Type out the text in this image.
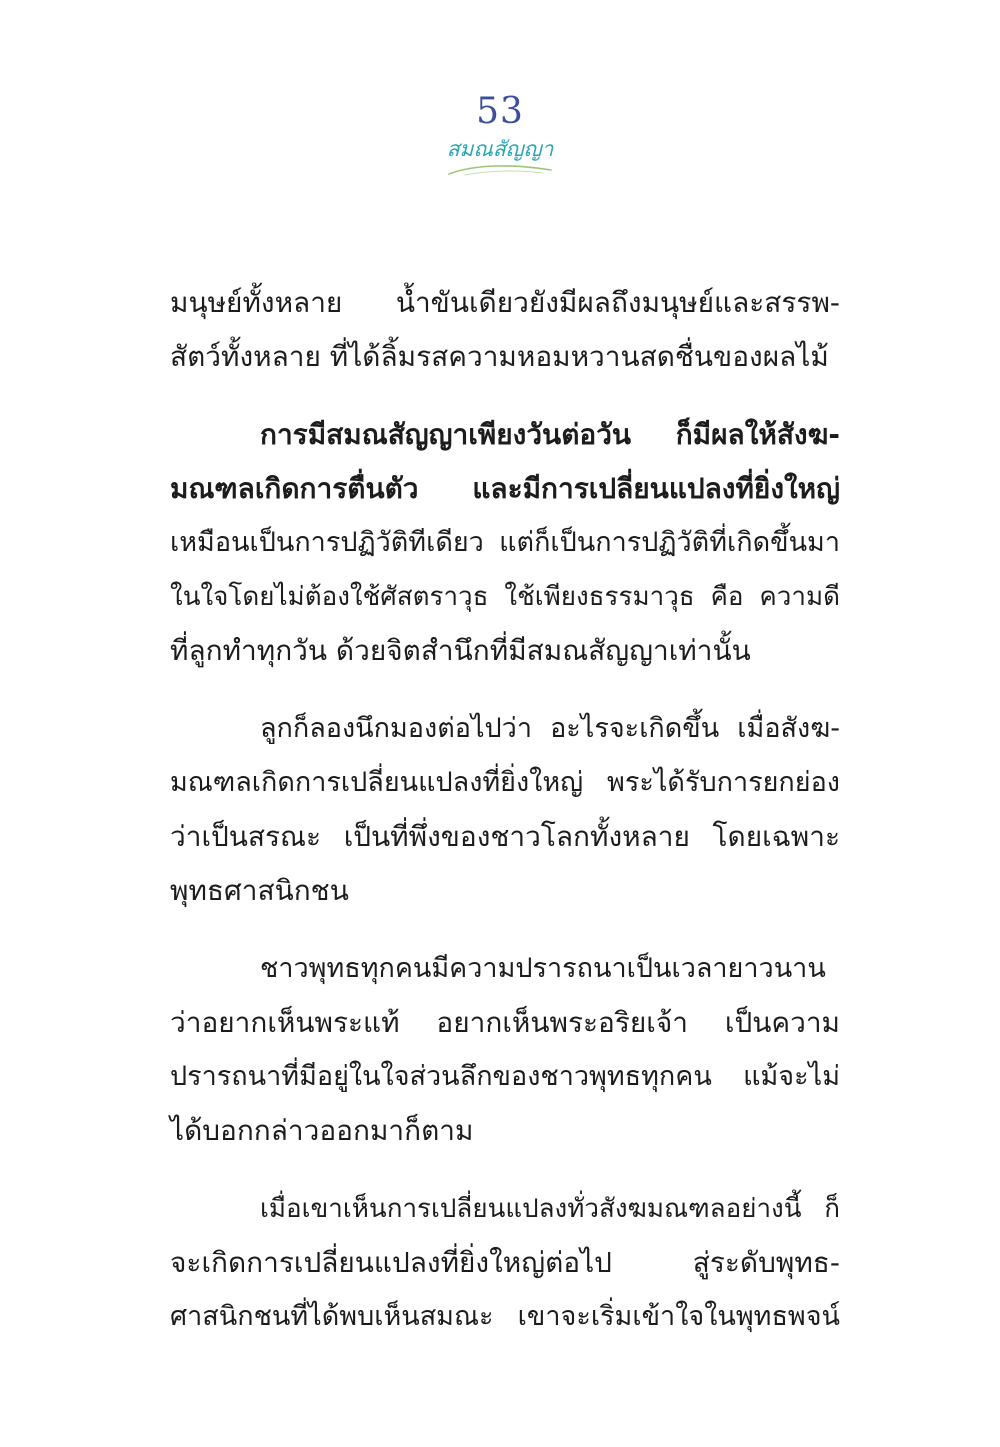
53
สมณสัญญา
มนุษย์ทั้งหลาย น้ำขันเดียวยังมีผลถึงมนุษย์และสรรพ-
สัตว์ทั้งหลาย ที่ได้ลิ้มรสความหอมหวานสดชื่นของผลไม้
การมีสมณสัญญาเพียงวันต่อวัน ก็มีผลให้สังฆ-
มณฑลเกิดการตื่นตัว และมีการเปลี่ยนแปลงที่ยิ่งใหญ่
เหมือนเป็นการปฏิวัติทีเดียว แต่ก็เป็นการปฏิวัติที่เกิดขึ้นมา
ในใจโดยไม่ต้องใช้ศัสตราวุธ ใช้เพียงธรรมาวุธ คือ ความดี
ที่ลูกทำทุกวัน ด้วยจิตสำนึกที่มีสมณสัญญาเท่านั้น
ลูกก็ลองนึกมองต่อไปว่า อะไรจะเกิดขึ้น เมื่อสังฆ-
มณฑลเกิดการเปลี่ยนแปลงที่ยิ่งใหญ่ พระได้รับการยกย่อง
ว่าเป็นสรณะ เป็นที่พึ่งของชาวโลกทั้งหลาย โดยเฉพาะ
พุทธศาสนิกชน
ชาวพุทธทุกคนมีความปรารถนาเป็นเวลายาวนาน
ว่าอยากเห็นพระแท้ อยากเห็นพระอริยเจ้า เป็นความ
ปรารถนาที่มีอยู่ในใจส่วนลึกของชาวพุทธทุกคน แม้จะไม่
ได้บอกกล่าวออกมาก็ตาม
เมื่อเขาเห็นการเปลี่ยนแปลงทั่วสังฆมณฑลอย่างนี้ ก็
จะเกิดการเปลี่ยนแปลงที่ยิ่งใหญ่ต่อไป สู่ระดับพุทธ-
ศาสนิกชนที่ได้พบเห็นสมณะ เขาจะเริ่มเข้าใจในพุทธพจน์
